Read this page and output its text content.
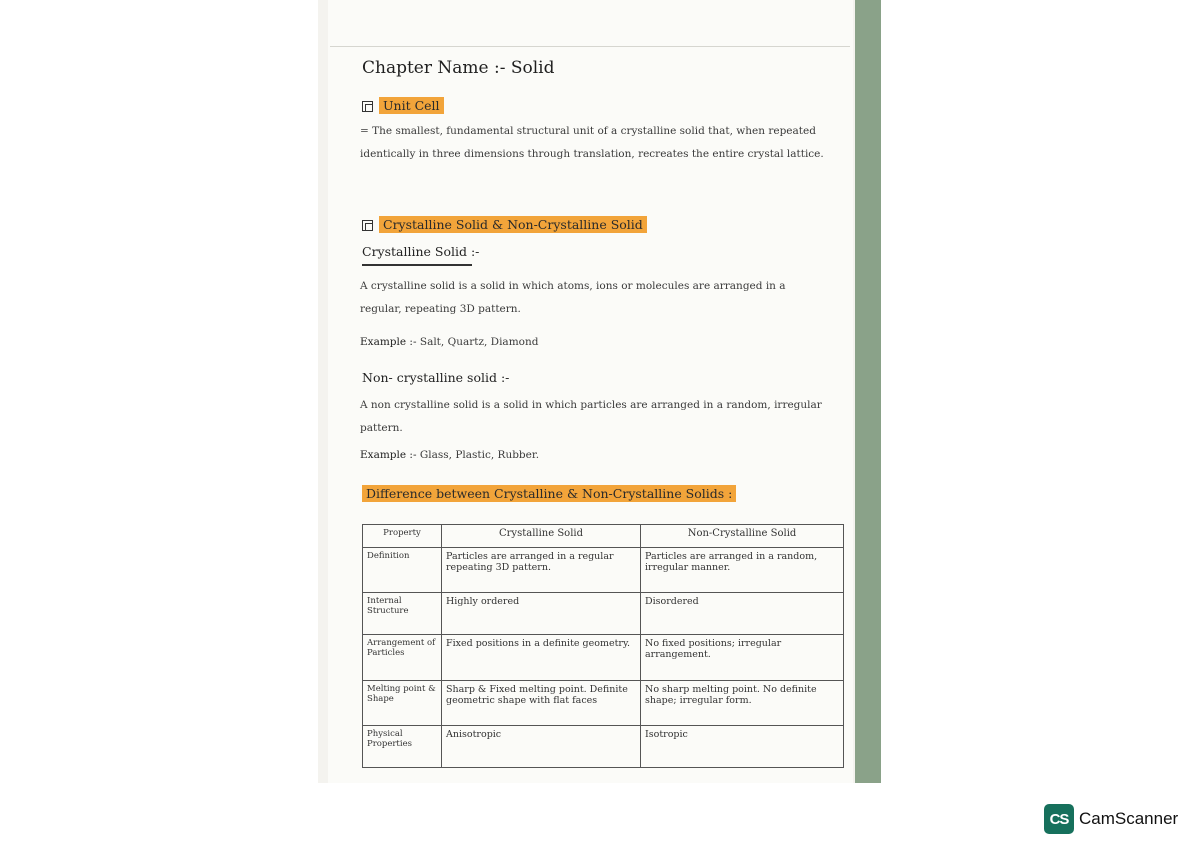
Chapter Name :- Solid
Unit Cell
= The smallest, fundamental structural unit of a crystalline solid that, when repeated identically in three dimensions through translation, recreates the entire crystal lattice.
Crystalline Solid & Non-Crystalline Solid
Crystalline Solid :-
A crystalline solid is a solid in which atoms, ions or molecules are arranged in a regular, repeating 3D pattern.
Example :- Salt, Quartz, Diamond
Non- crystalline solid :-
A non crystalline solid is a solid in which particles are arranged in a random, irregular pattern.
Example :- Glass, Plastic, Rubber.
Difference between Crystalline & Non-Crystalline Solids :
Property	Crystalline Solid	Non-Crystalline Solid
Definition	Particles are arranged in a regular repeating 3D pattern.	Particles are arranged in a random, irregular manner.
Internal Structure	Highly ordered	Disordered
Arrangement of Particles	Fixed positions in a definite geometry.	No fixed positions; irregular arrangement.
Melting point & Shape	Sharp & Fixed melting point. Definite geometric shape with flat faces	No sharp melting point. No definite shape; irregular form.
Physical Properties	Anisotropic	Isotropic
CS CamScanner
